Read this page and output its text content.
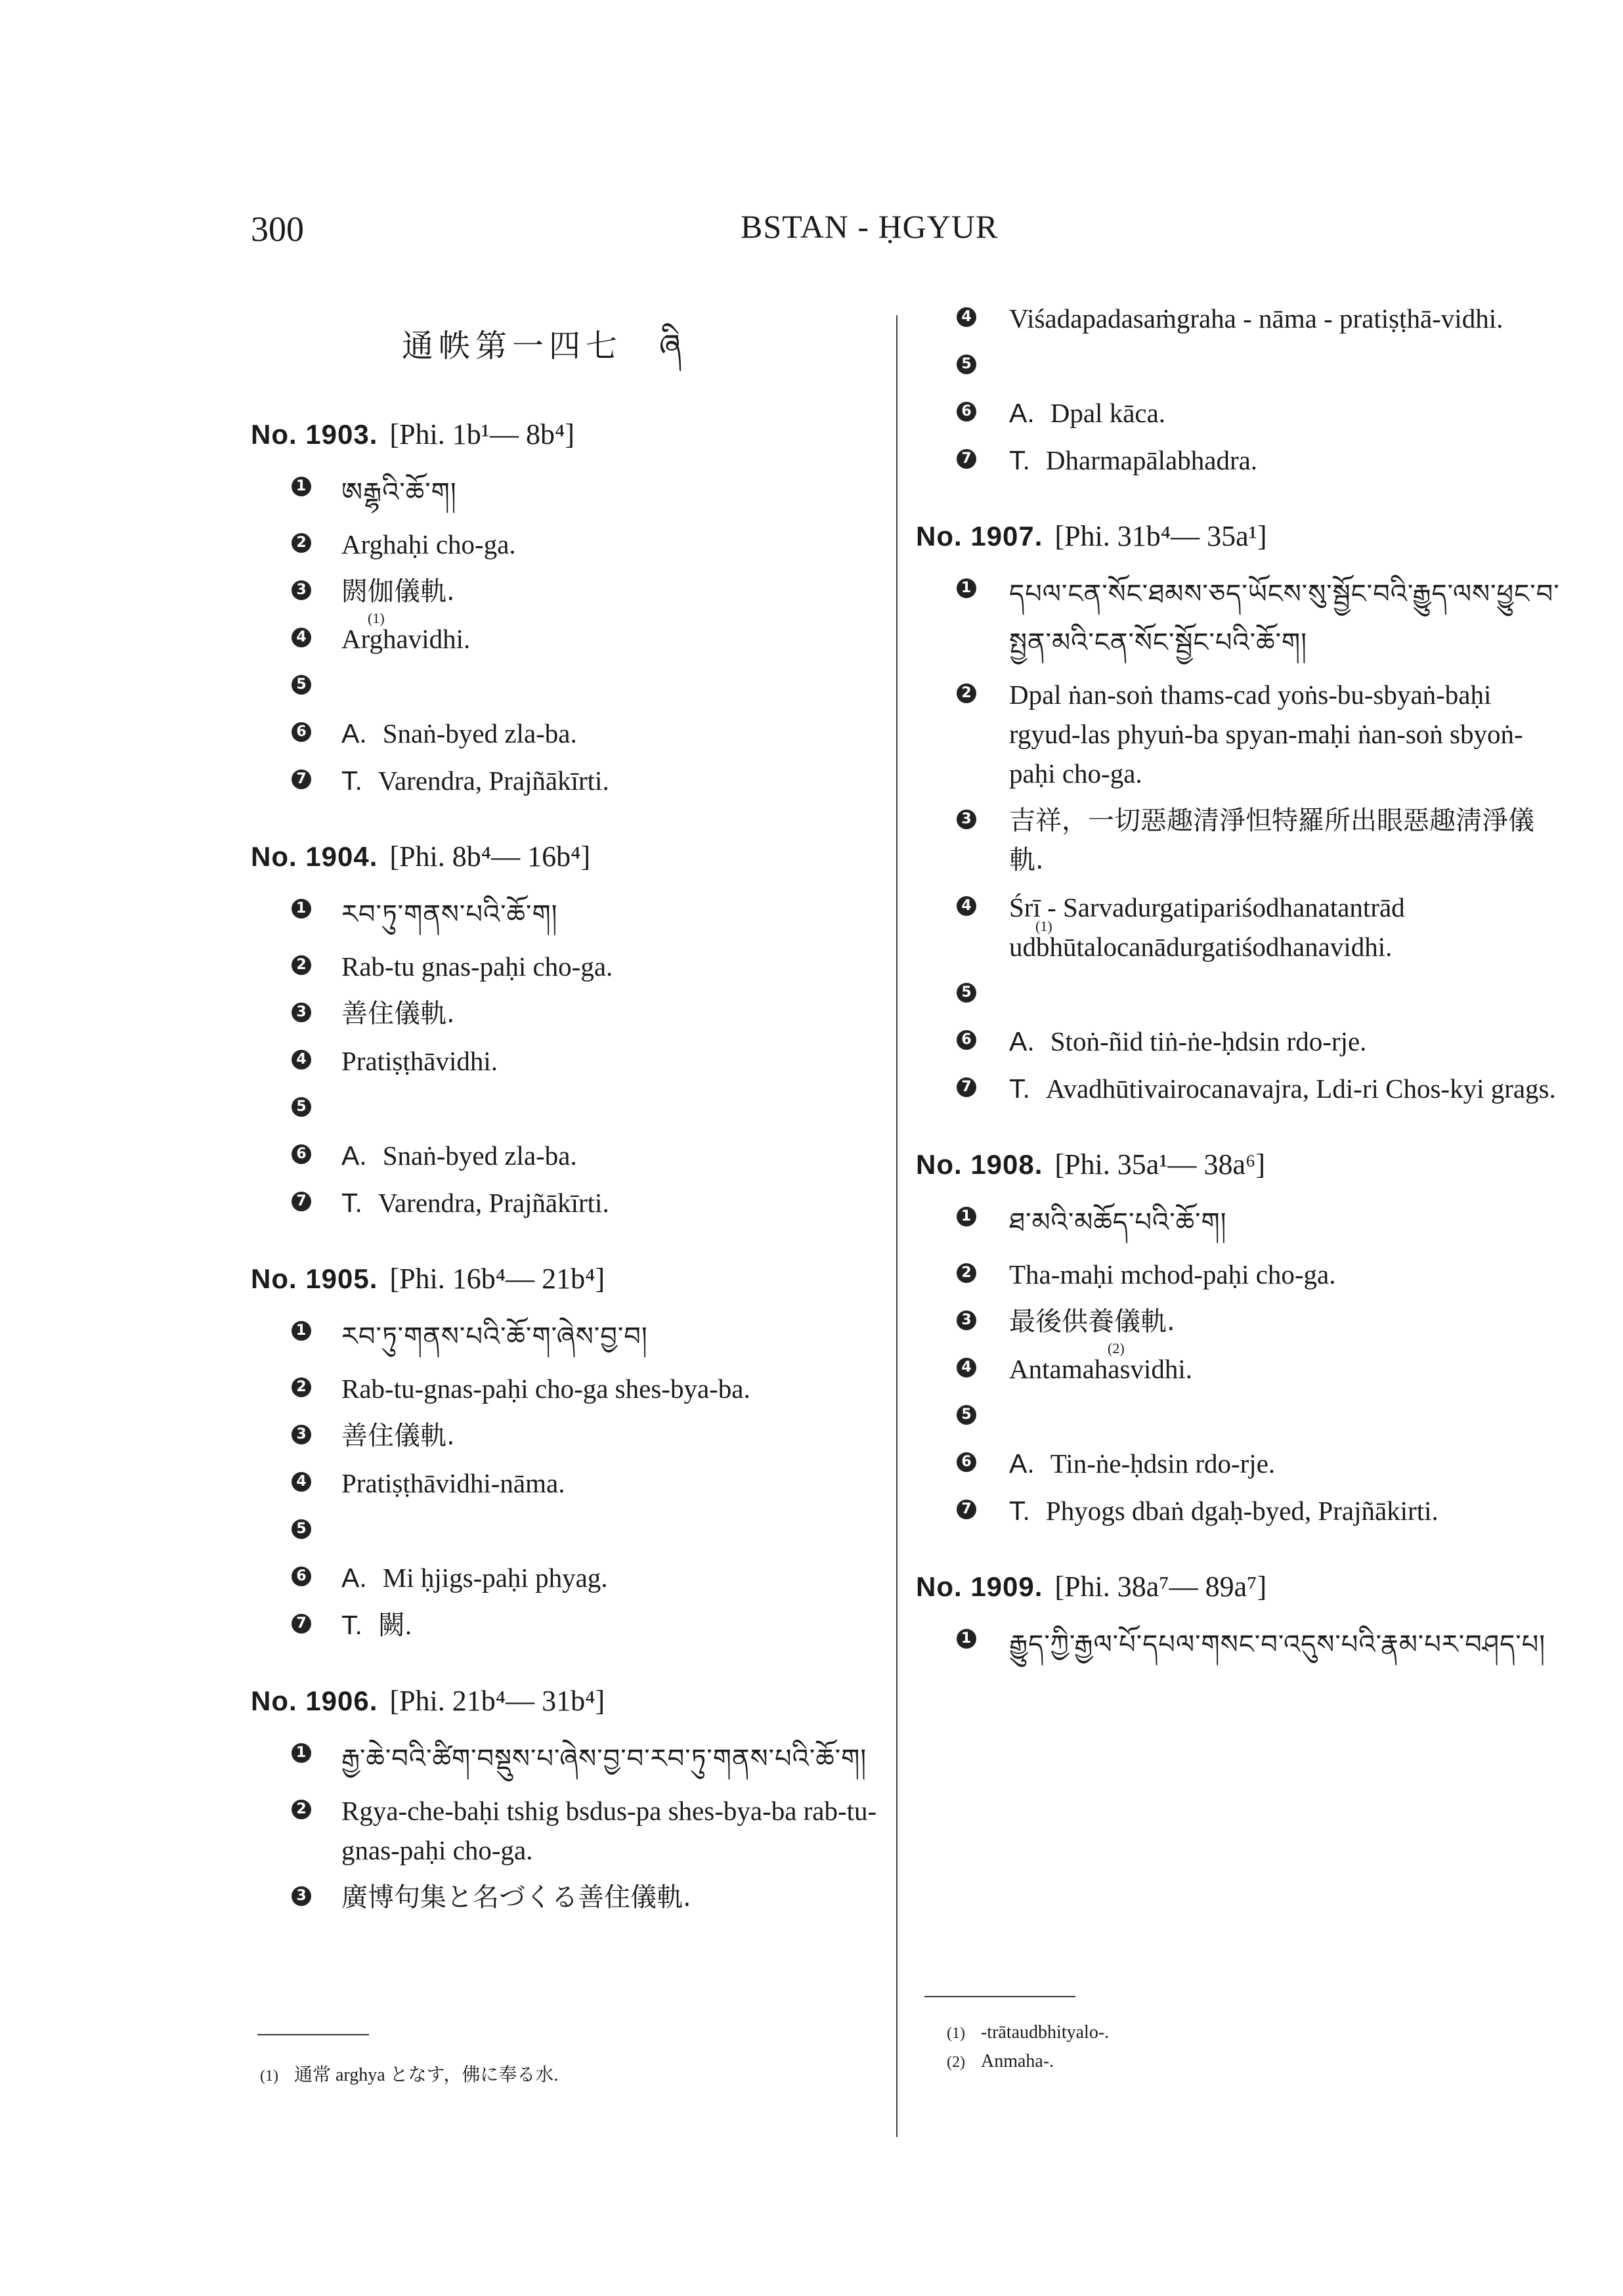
300	BSTAN - ḤGYUR
通帙第一四七　ཞི
No. 1903. [Phi. 1b¹— 8b⁴]
1 ཨརྒྷའི་ཆོ་ག།
2 Arghaḥi cho-ga.
3 閼伽儀軌.
4
(1)
Arghavidhi.
5
6 A. Snaṅ-byed zla-ba.
7 T. Varendra, Prajñākīrti.
No. 1904. [Phi. 8b⁴— 16b⁴]
1 རབ་ཏུ་གནས་པའི་ཆོ་ག།
2 Rab-tu gnas-paḥi cho-ga.
3 善住儀軌.
4 Pratiṣṭhāvidhi.
5
6 A. Snaṅ-byed zla-ba.
7 T. Varendra, Prajñākīrti.
No. 1905. [Phi. 16b⁴— 21b⁴]
1 རབ་ཏུ་གནས་པའི་ཆོ་ག་ཞེས་བྱ་བ།
2 Rab-tu-gnas-paḥi cho-ga shes-bya-ba.
3 善住儀軌.
4 Pratiṣṭhāvidhi-nāma.
5
6 A. Mi ḥjigs-paḥi phyag.
7 T. 闕.
No. 1906. [Phi. 21b⁴— 31b⁴]
1 རྒྱ་ཆེ་བའི་ཚིག་བསྡུས་པ་ཞེས་བྱ་བ་རབ་ཏུ་གནས་པའི་ཆོ་ག།
2 Rgya-che-baḥi tshig bsdus-pa shes-bya-ba rab-tu-gnas-paḥi cho-ga.
3 廣博句集と名づくる善住儀軌.
4 Viśadapadasaṁgraha - nāma - pratiṣṭhā-vidhi.
5
6 A. Dpal kāca.
7 T. Dharmapālabhadra.
No. 1907. [Phi. 31b⁴— 35a¹]
1 དཔལ་ངན་སོང་ཐམས་ཅད་ཡོངས་སུ་སྦྱོང་བའི་རྒྱུད་ལས་ཕྱུང་བ་སྤྱན་མའི་ངན་སོང་སྦྱོང་པའི་ཆོ་ག།
2 Dpal ṅan-soṅ thams-cad yoṅs-bu-sbyaṅ-baḥi rgyud-las phyuṅ-ba spyan-maḥi ṅan-soṅ sbyoṅ-paḥi cho-ga.
3 吉祥，一切惡趣清淨怛特羅所出眼惡趣淸淨儀軌.
4 Śrī - Sarvadurgatipariśodhanatantrād

(1)
udbhūtalocanādurgatiśodhanavidhi.
5
6 A. Stoṅ-ñid tiṅ-ṅe-ḥdsin rdo-rje.
7 T. Avadhūtivairocanavajra, Ldi-ri Chos-kyi grags.
No. 1908. [Phi. 35a¹— 38a⁶]
1 ཐ་མའི་མཆོད་པའི་ཆོ་ག།
2 Tha-maḥi mchod-paḥi cho-ga.
3 最後供養儀軌.
4
(2)
Antamahasvidhi.
5
6 A. Tin-ṅe-ḥdsin rdo-rje.
7 T. Phyogs dbaṅ dgaḥ-byed, Prajñākirti.
No. 1909. [Phi. 38a⁷— 89a⁷]
1 རྒྱུད་ཀྱི་རྒྱལ་པོ་དཔལ་གསང་བ་འདུས་པའི་རྣམ་པར་བཤད་པ།
(1) 通常 arghya となす，佛に奉る水.
(1) -trātaudbhityalo-.
(2) Anmaha-.
